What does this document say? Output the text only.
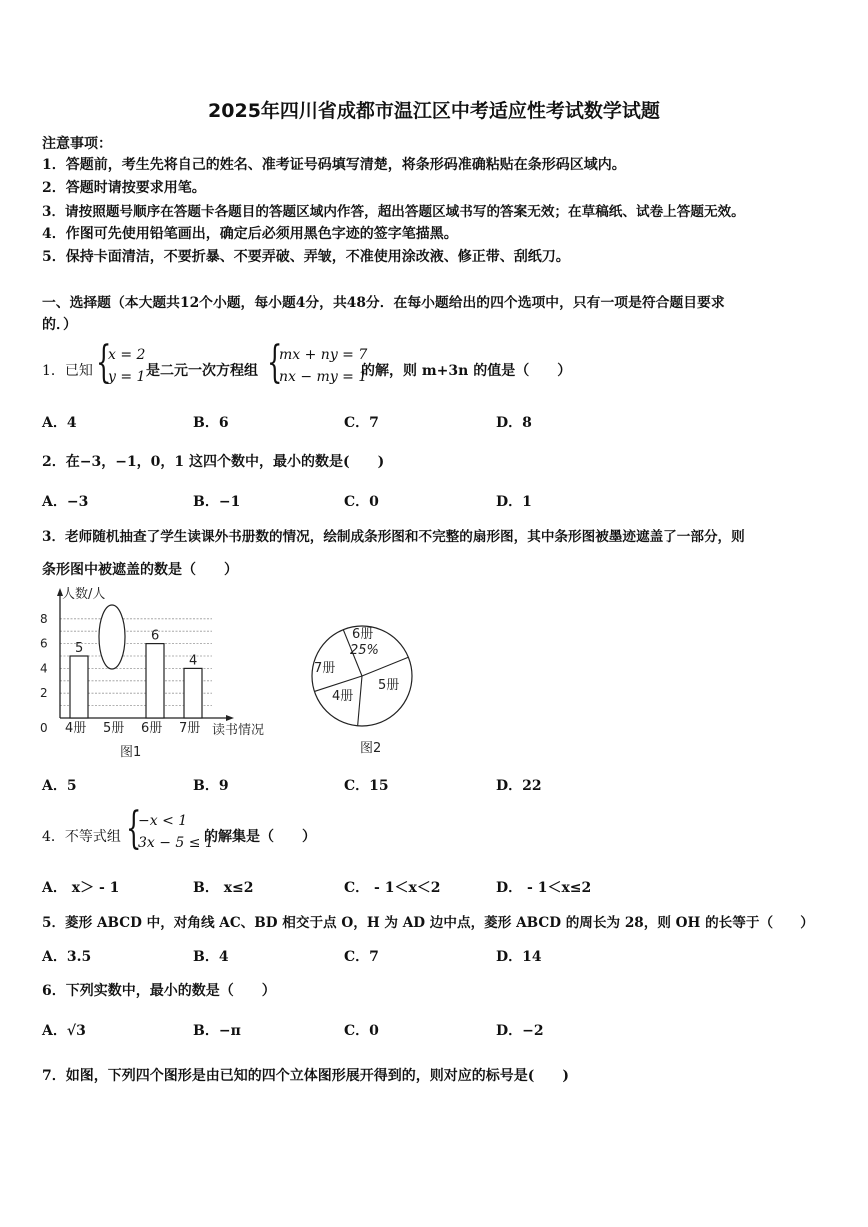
2025年四川省成都市温江区中考适应性考试数学试题
注意事项：
1．答题前，考生先将自己的姓名、准考证号码填写清楚，将条形码准确粘贴在条形码区域内。
2．答题时请按要求用笔。
3．请按照题号顺序在答题卡各题目的答题区域内作答，超出答题区域书写的答案无效；在草稿纸、试卷上答题无效。
4．作图可先使用铅笔画出，确定后必须用黑色字迹的签字笔描黑。
5．保持卡面清洁，不要折暴、不要弄破、弄皱，不准使用涂改液、修正带、刮纸刀。
一、选择题（本大题共12个小题，每小题4分，共48分．在每小题给出的四个选项中，只有一项是符合题目要求
的．）
1．已知 {
x = 2
y = 1 是二元一次方程组 {
mx + ny = 7
nx − my = 1
的解，则 m+3n 的值是（　　）
A．4	B．6	C．7	D．8
2．在−3，−1，0，1 这四个数中，最小的数是(　　)
A．−3	B．−1	C．0	D．1
3．老师随机抽查了学生读课外书册数的情况，绘制成条形图和不完整的扇形图，其中条形图被墨迹遮盖了一部分，则
条形图中被遮盖的数是（　　）
人数/人
读书情况
0
2
4
6
8
5
4册 5册
6
6册
4
7册
图1
6册
5册
4册
7册
25%
图2
A．5	B．9	C．15	D．22
4．不等式组 {
−x < 1
3x − 5 ≤ 1
的解集是（　　）
A． x＞ - 1	B． x≤2	C． - 1＜x＜2	D． - 1＜x≤2
5．菱形 ABCD 中，对角线 AC、BD 相交于点 O，H 为 AD 边中点，菱形 ABCD 的周长为 28，则 OH 的长等于（　　）
A．3.5	B．4	C．7	D．14
6．下列实数中，最小的数是（　　）
A．√3	B．−π	C．0	D．−2
7．如图，下列四个图形是由已知的四个立体图形展开得到的，则对应的标号是(　　)
